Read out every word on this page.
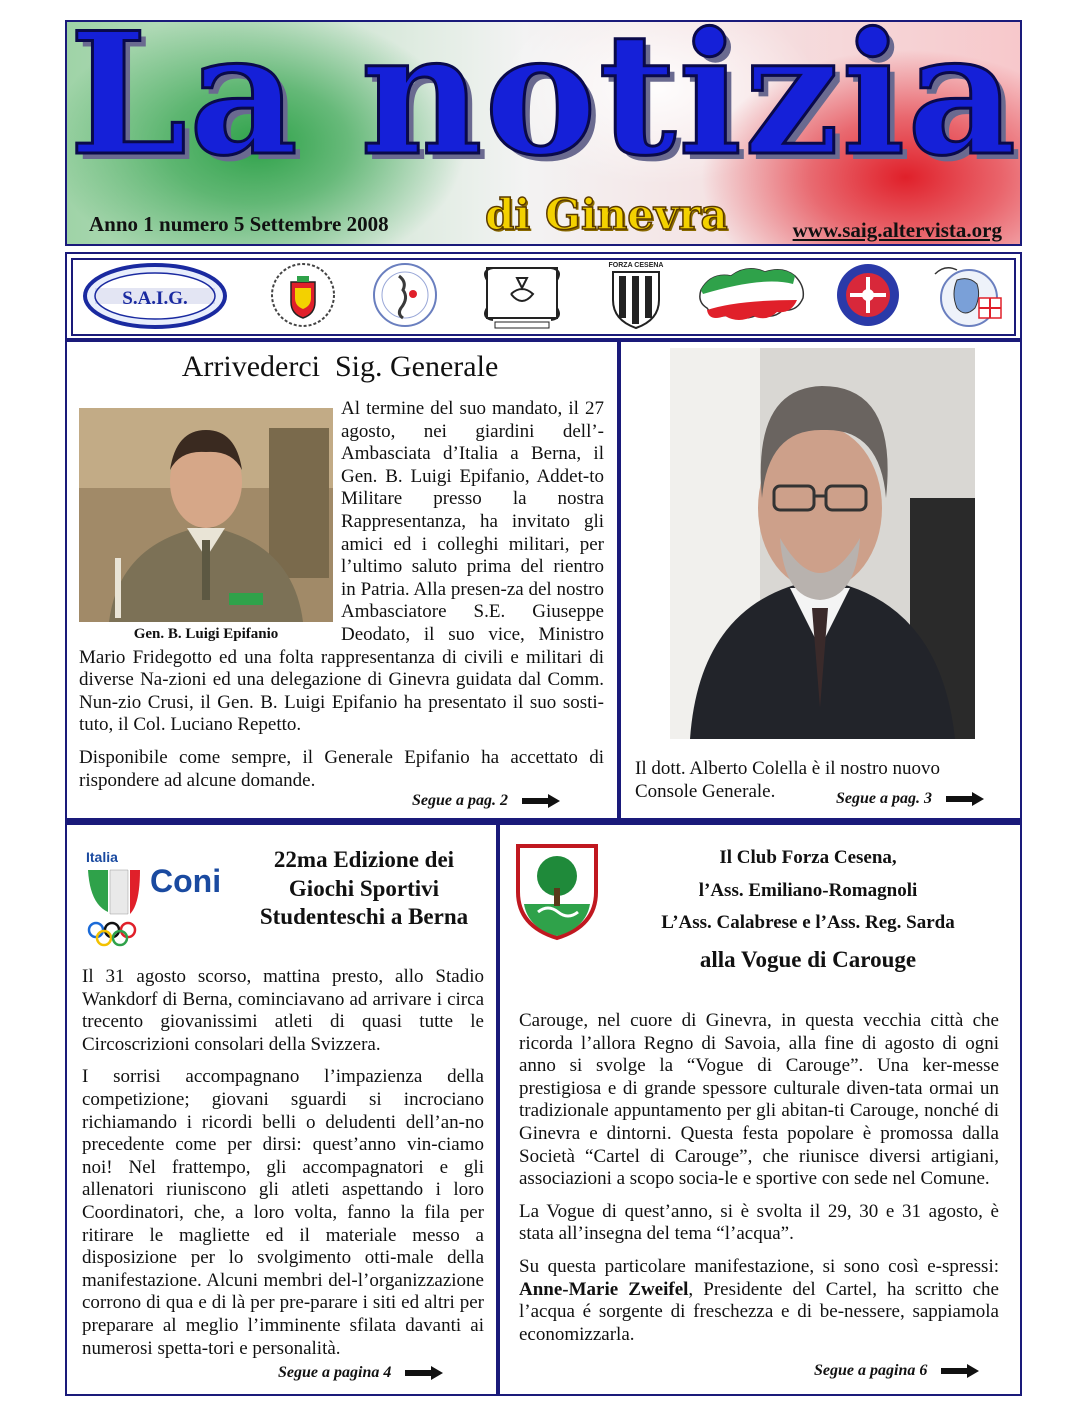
La notizia
Anno 1 numero 5 Settembre 2008 di Ginevra	www.saig.altervista.org
S.A.I.G.
FORZA CESENA
Arrivederci  Sig. Generale
Gen. B. Luigi Epifanio

Al termine del suo mandato, il 27 agosto, nei giardini dell’-Ambasciata d’Italia a Berna, il Gen. B. Luigi Epifanio, Addet-to Militare presso la nostra Rappresentanza, ha invitato gli amici ed i colleghi militari, per l’ultimo saluto prima del rientro in Patria. Alla presen-za del nostro Ambasciatore S.E. Giuseppe Deodato, il suo vice, Ministro Mario Fridegotto ed una folta rappresentanza di civili e militari di diverse Na-zioni ed una delegazione di Ginevra guidata dal Comm. Nun-zio Crusi, il Gen. B. Luigi Epifanio ha presentato il suo sosti-tuto, il Col. Luciano Repetto.

Disponibile come sempre, il Generale Epifanio ha accettato di rispondere ad alcune domande.

Segue a pag. 2
Il dott. Alberto Colella è il nostro nuovo Console Generale.	Segue a pag. 3
Italia
Coni
22ma Edizione dei Giochi Sportivi Studenteschi a Berna

Il 31 agosto scorso, mattina presto, allo Stadio Wankdorf di Berna, cominciavano ad arrivare i circa trecento giovanissimi atleti di quasi tutte le Circoscrizioni consolari della Svizzera.

I sorrisi accompagnano l’impazienza della competizione; giovani sguardi si incrociano richiamando i ricordi belli o deludenti dell’an-no precedente come per dirsi: quest’anno vin-ciamo noi! Nel frattempo, gli accompagnatori e gli allenatori riuniscono gli atleti aspettando i loro Coordinatori, che, a loro volta, fanno la fila per ritirare le magliette ed il materiale messo a disposizione per lo svolgimento otti-male della manifestazione. Alcuni membri del-l’organizzazione corrono di qua e di là per pre-parare i siti ed altri per preparare al meglio l’imminente sfilata davanti ai numerosi spetta-tori e personalità.

Segue a pagina 4
Il Club Forza Cesena,
l’Ass. Emiliano-Romagnoli
L’Ass. Calabrese e l’Ass. Reg. Sarda
alla Vogue di Carouge

Carouge, nel cuore di Ginevra, in questa vecchia città che ricorda l’allora Regno di Savoia, alla fine di agosto di ogni anno si svolge la “Vogue di Carouge”. Una ker-messe prestigiosa e di grande spessore culturale diven-tata ormai un tradizionale appuntamento per gli abitan-ti Carouge, nonché di Ginevra e dintorni. Questa festa popolare è promossa dalla Società “Cartel di Carouge”, che riunisce diversi artigiani, associazioni a scopo socia-le e sportive con sede nel Comune.

La Vogue di quest’anno, si è svolta il 29, 30 e 31 agosto, è stata all’insegna del tema “l’acqua”.

Su questa particolare manifestazione, si sono così e-spressi: Anne-Marie Zweifel, Presidente del Cartel, ha scritto che l’acqua é sorgente di freschezza e di be-nessere, sappiamola economizzarla.

Segue a pagina 6
